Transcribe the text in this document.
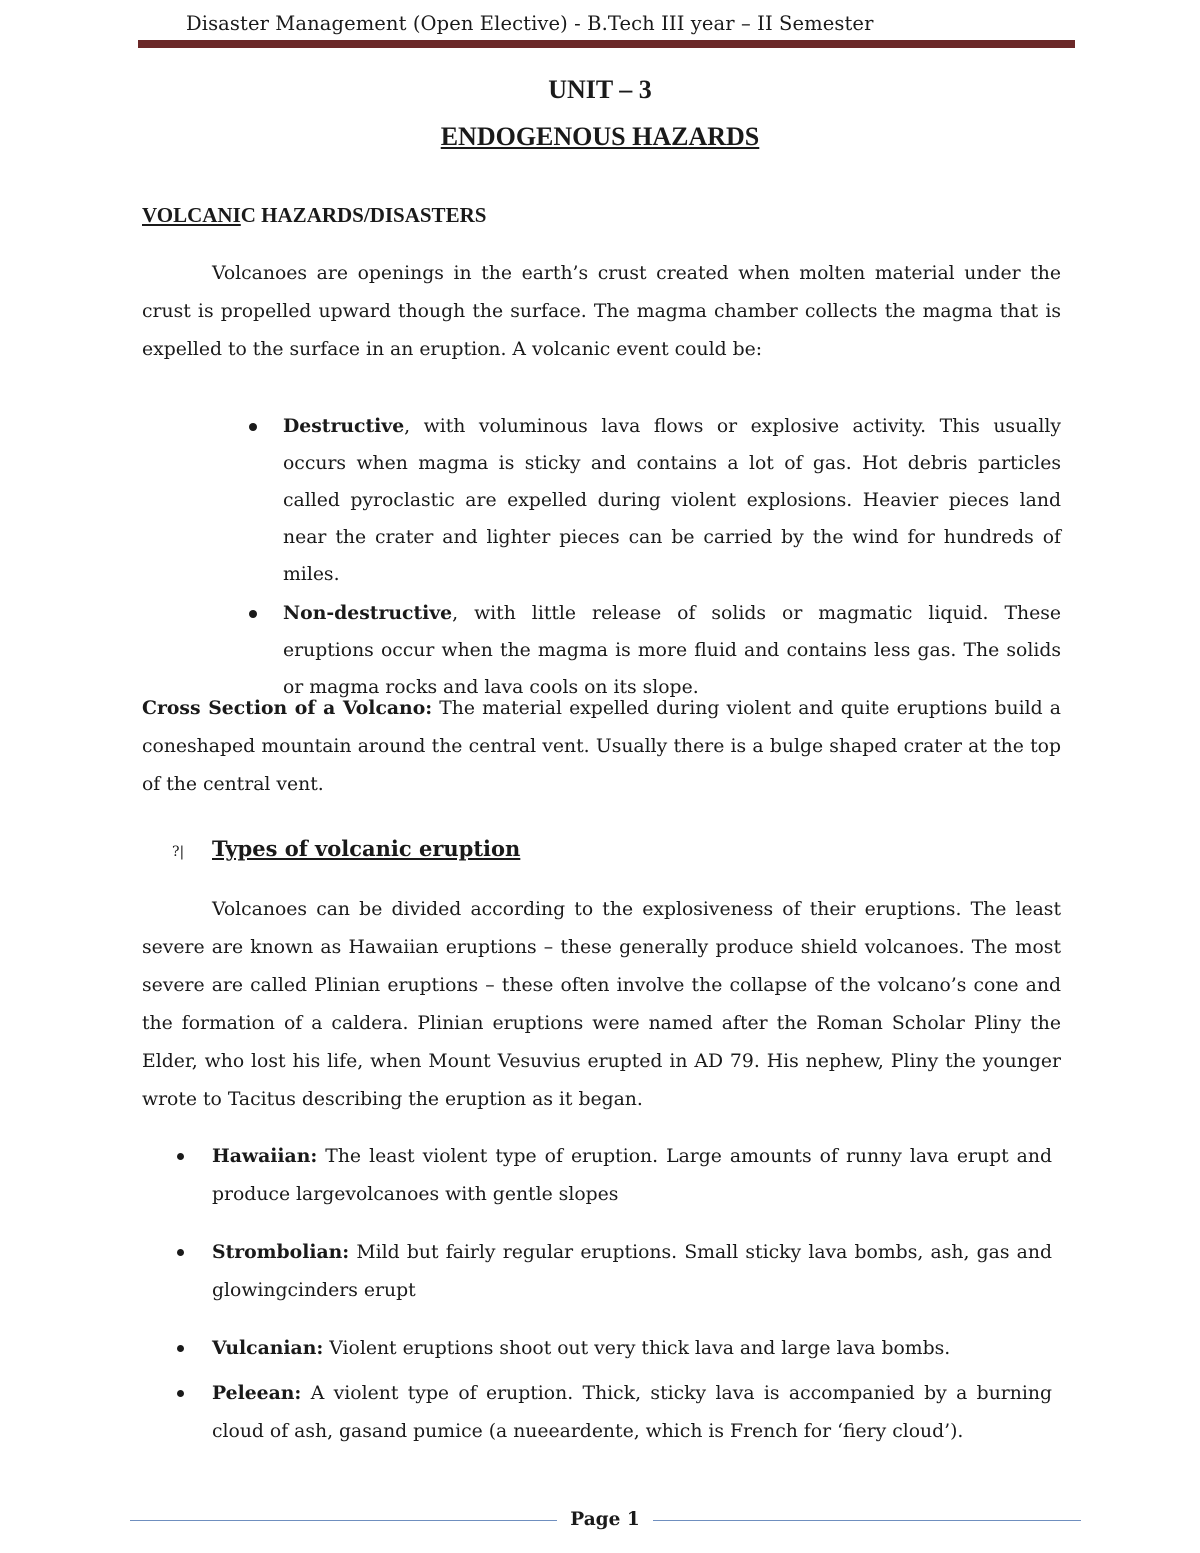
Disaster Management (Open Elective) - B.Tech III year – II Semester
UNIT – 3
ENDOGENOUS HAZARDS
VOLCANIC HAZARDS/DISASTERS

Volcanoes are openings in the earth’s crust created when molten material under the crust is propelled upward though the surface. The magma chamber collects the magma that is expelled to the surface in an eruption. A volcanic event could be:

Destructive, with voluminous lava flows or explosive activity. This usually occurs when magma is sticky and contains a lot of gas. Hot debris particles called pyroclastic are expelled during violent explosions. Heavier pieces land near the crater and lighter pieces can be carried by the wind for hundreds of miles.
Non-destructive, with little release of solids or magmatic liquid. These eruptions occur when the magma is more fluid and contains less gas. The solids or magma rocks and lava cools on its slope.

Cross Section of a Volcano: The material expelled during violent and quite eruptions build a coneshaped mountain around the central vent. Usually there is a bulge shaped crater at the top of the central vent.

?| Types of volcanic eruption

Volcanoes can be divided according to the explosiveness of their eruptions. The least severe are known as Hawaiian eruptions – these generally produce shield volcanoes. The most severe are called Plinian eruptions – these often involve the collapse of the volcano’s cone and the formation of a caldera. Plinian eruptions were named after the Roman Scholar Pliny the Elder, who lost his life, when Mount Vesuvius erupted in AD 79. His nephew, Pliny the younger wrote to Tacitus describing the eruption as it began.

Hawaiian: The least violent type of eruption. Large amounts of runny lava erupt and produce largevolcanoes with gentle slopes
Strombolian: Mild but fairly regular eruptions. Small sticky lava bombs, ash, gas and glowingcinders erupt
Vulcanian: Violent eruptions shoot out very thick lava and large lava bombs.
Peleean: A violent type of eruption. Thick, sticky lava is accompanied by a burning cloud of ash, gasand pumice (a nueeardente, which is French for ‘fiery cloud’).
Page 1
